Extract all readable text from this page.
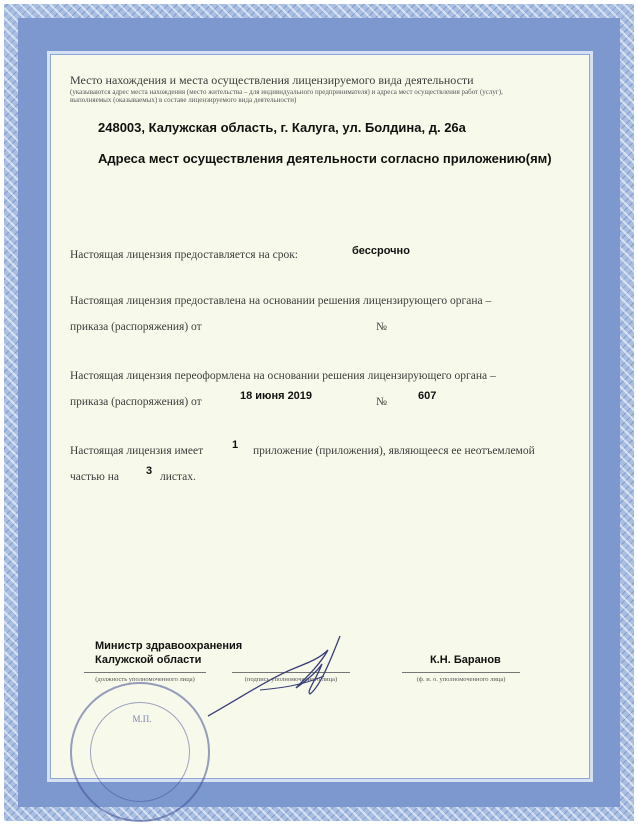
Место нахождения и места осуществления лицензируемого вида деятельности
(указываются адрес места нахождения (место жительства – для индивидуального предпринимателя) и адреса мест осуществления работ (услуг),
выполняемых (оказываемых) в составе лицензируемого вида деятельности)
248003, Калужская область, г. Калуга, ул. Болдина, д. 26а
Адреса мест осуществления деятельности согласно приложению(ям)
Настоящая лицензия предоставляется на срок:	бессрочно
Настоящая лицензия предоставлена на основании решения лицензирующего органа –
приказа (распоряжения) от	№
Настоящая лицензия переоформлена на основании решения лицензирующего органа –
приказа (распоряжения) от	18 июня 2019	№	607
Настоящая лицензия имеет	1 приложение (приложения), являющееся ее неотъемлемой
частью на 3 листах.
Министр здравоохранения
Калужской области	К.Н. Баранов
(должность уполномоченного лица)	(подпись уполномоченного лица)	(ф. и. о. уполномоченного лица)
М.П.
